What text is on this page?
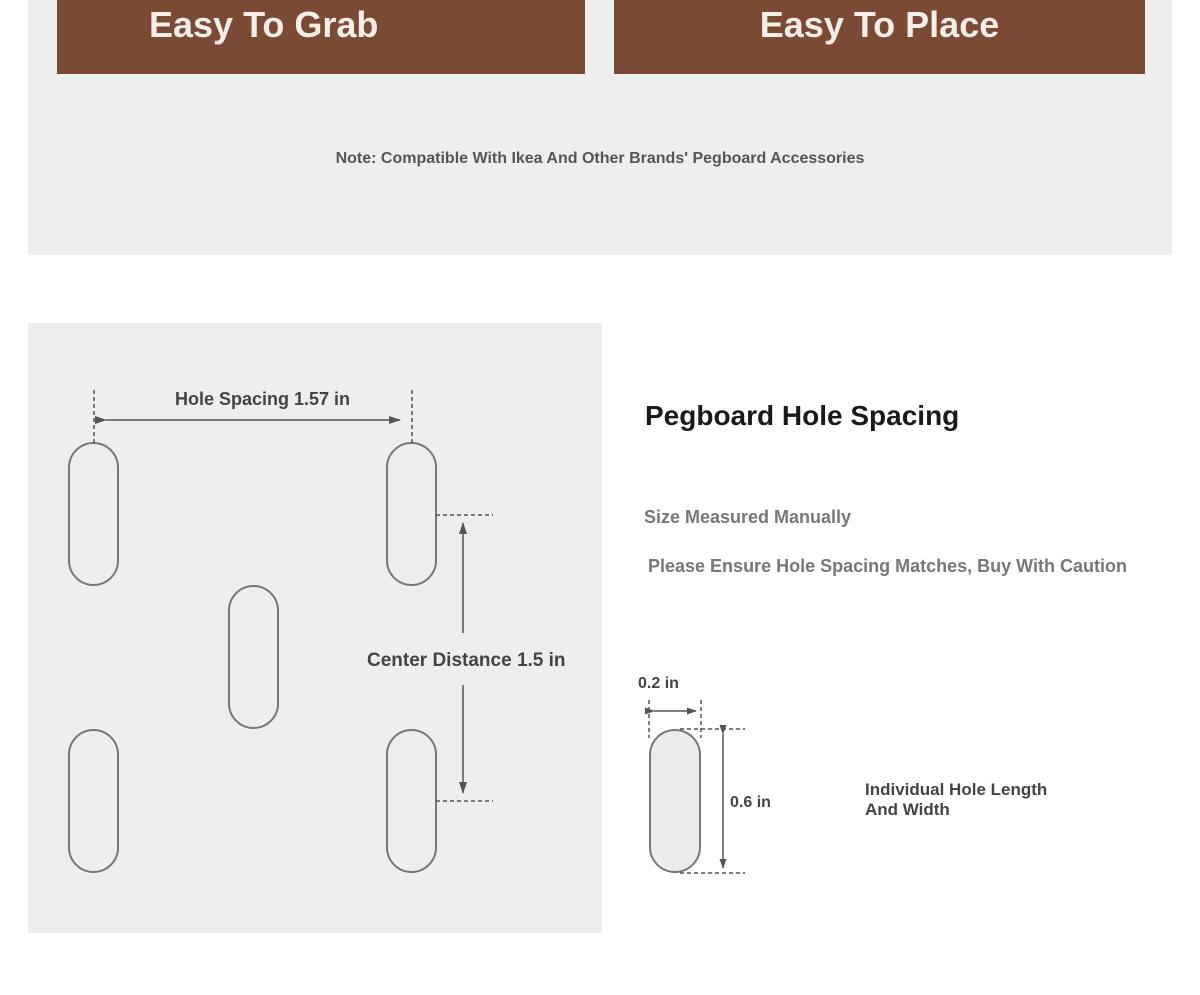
Easy To Grab	Easy To Place
Note: Compatible With Ikea And Other Brands' Pegboard Accessories
Hole Spacing 1.57 in
Center Distance 1.5 in
Pegboard Hole Spacing
Size Measured Manually
Please Ensure Hole Spacing Matches, Buy With Caution
0.2 in
0.6 in
Individual Hole Length And Width
